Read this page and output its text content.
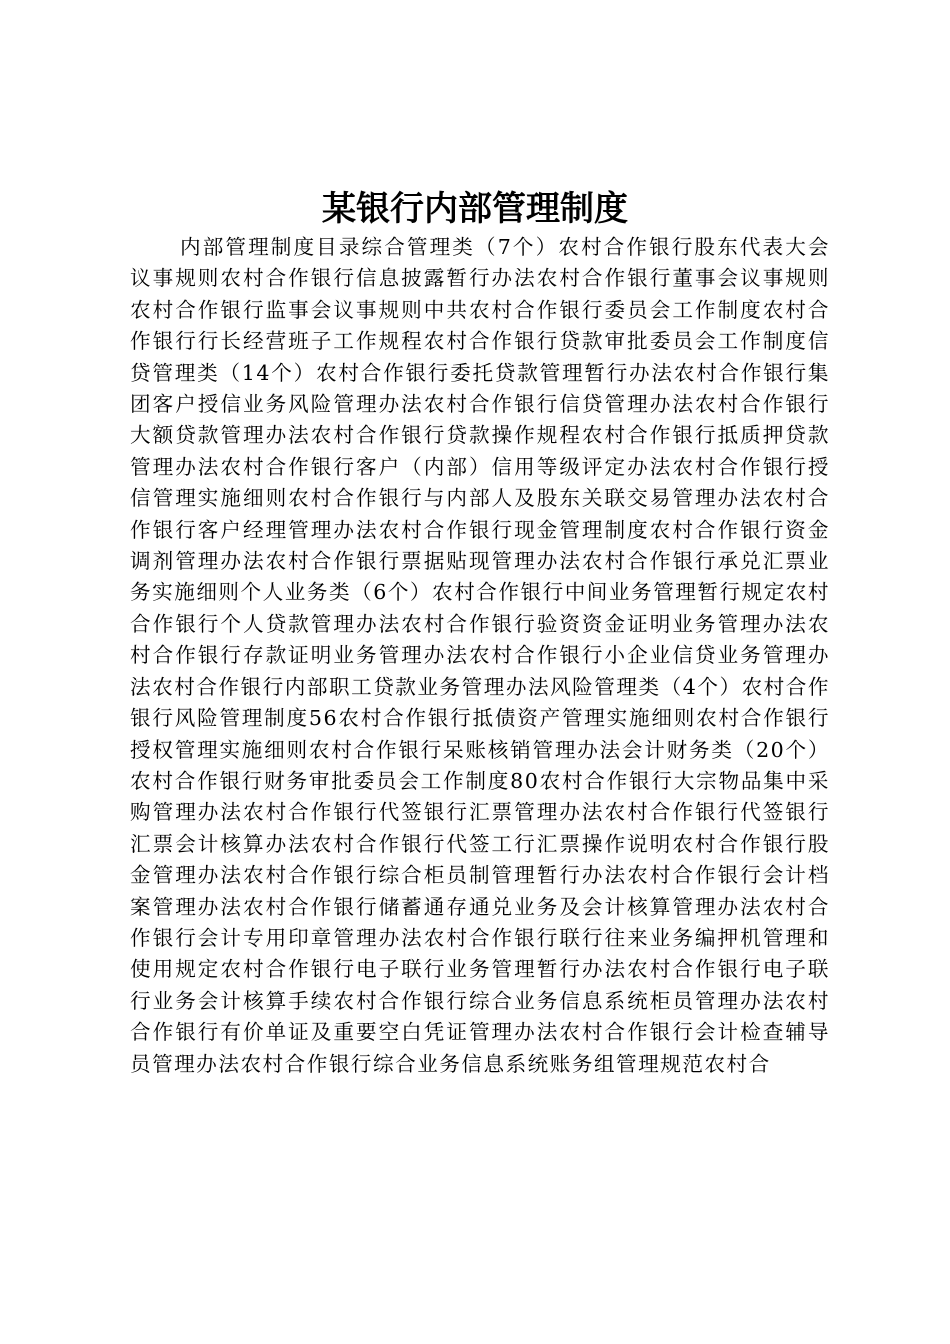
某银行内部管理制度

内部管理制度目录综合管理类（7个）农村合作银行股东代表大会议事规则农村合作银行信息披露暂行办法农村合作银行董事会议事规则农村合作银行监事会议事规则中共农村合作银行委员会工作制度农村合作银行行长经营班子工作规程农村合作银行贷款审批委员会工作制度信贷管理类（14个）农村合作银行委托贷款管理暂行办法农村合作银行集团客户授信业务风险管理办法农村合作银行信贷管理办法农村合作银行大额贷款管理办法农村合作银行贷款操作规程农村合作银行抵质押贷款管理办法农村合作银行客户（内部）信用等级评定办法农村合作银行授信管理实施细则农村合作银行与内部人及股东关联交易管理办法农村合作银行客户经理管理办法农村合作银行现金管理制度农村合作银行资金调剂管理办法农村合作银行票据贴现管理办法农村合作银行承兑汇票业务实施细则个人业务类（6个）农村合作银行中间业务管理暂行规定农村合作银行个人贷款管理办法农村合作银行验资资金证明业务管理办法农村合作银行存款证明业务管理办法农村合作银行小企业信贷业务管理办法农村合作银行内部职工贷款业务管理办法风险管理类（4个）农村合作银行风险管理制度56农村合作银行抵债资产管理实施细则农村合作银行授权管理实施细则农村合作银行呆账核销管理办法会计财务类（20个）农村合作银行财务审批委员会工作制度80农村合作银行大宗物品集中采购管理办法农村合作银行代签银行汇票管理办法农村合作银行代签银行汇票会计核算办法农村合作银行代签工行汇票操作说明农村合作银行股金管理办法农村合作银行综合柜员制管理暂行办法农村合作银行会计档案管理办法农村合作银行储蓄通存通兑业务及会计核算管理办法农村合作银行会计专用印章管理办法农村合作银行联行往来业务编押机管理和使用规定农村合作银行电子联行业务管理暂行办法农村合作银行电子联行业务会计核算手续农村合作银行综合业务信息系统柜员管理办法农村合作银行有价单证及重要空白凭证管理办法农村合作银行会计检查辅导员管理办法农村合作银行综合业务信息系统账务组管理规范农村合
